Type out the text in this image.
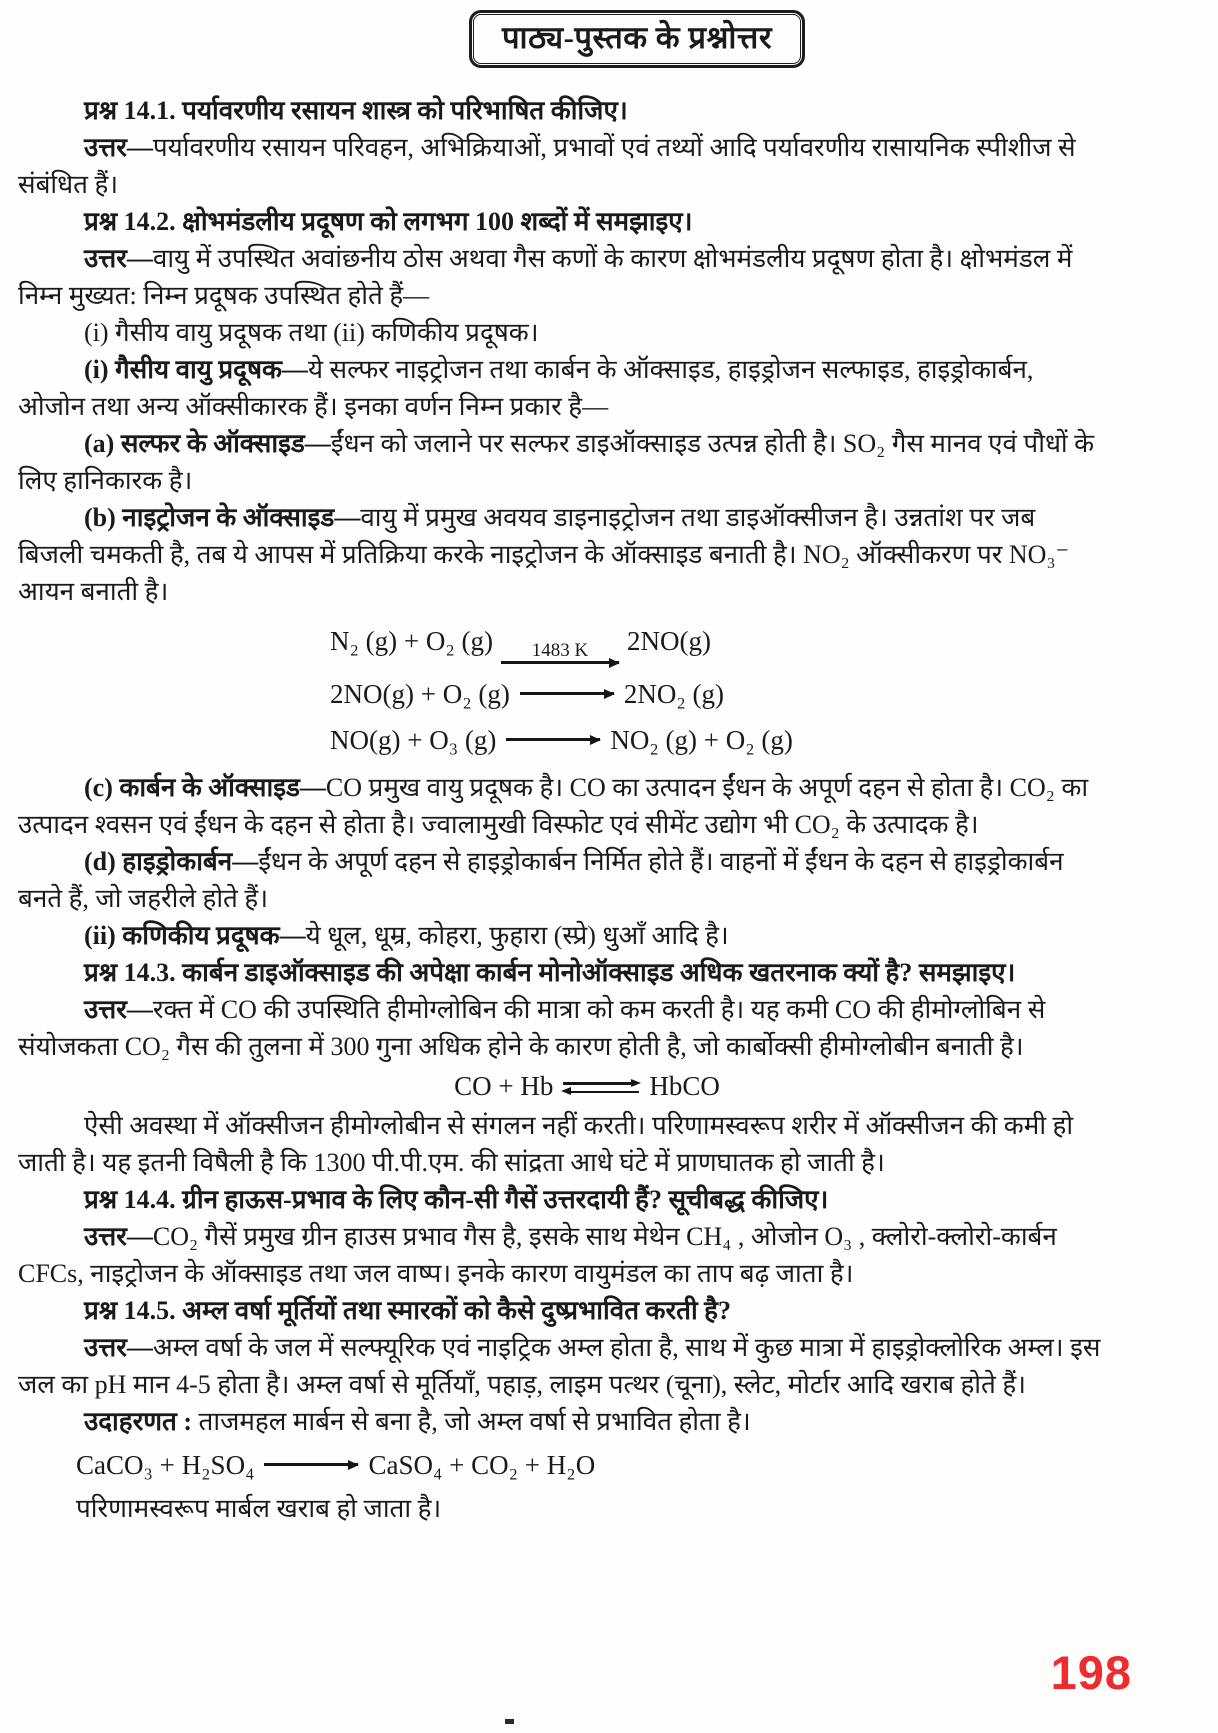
पाठ्य-पुस्तक के प्रश्नोत्तर

प्रश्न 14.1. पर्यावरणीय रसायन शास्त्र को परिभाषित कीजिए।

उत्तर—पर्यावरणीय रसायन परिवहन, अभिक्रियाओं, प्रभावों एवं तथ्यों आदि पर्यावरणीय रासायनिक स्पीशीज से संबंधित हैं।

प्रश्न 14.2. क्षोभमंडलीय प्रदूषण को लगभग 100 शब्दों में समझाइए।

उत्तर—वायु में उपस्थित अवांछनीय ठोस अथवा गैस कणों के कारण क्षोभमंडलीय प्रदूषण होता है। क्षोभमंडल में निम्न मुख्यत: निम्न प्रदूषक उपस्थित होते हैं—

(i) गैसीय वायु प्रदूषक तथा (ii) कणिकीय प्रदूषक।

(i) गैसीय वायु प्रदूषक—ये सल्फर नाइट्रोजन तथा कार्बन के ऑक्साइड, हाइड्रोजन सल्फाइड, हाइड्रोकार्बन, ओजोन तथा अन्य ऑक्सीकारक हैं। इनका वर्णन निम्न प्रकार है—

(a) सल्फर के ऑक्साइड—ईंधन को जलाने पर सल्फर डाइऑक्साइड उत्पन्न होती है। SO₂ गैस मानव एवं पौधों के लिए हानिकारक है।

(b) नाइट्रोजन के ऑक्साइड—वायु में प्रमुख अवयव डाइनाइट्रोजन तथा डाइऑक्सीजन है। उन्नतांश पर जब बिजली चमकती है, तब ये आपस में प्रतिक्रिया करके नाइट्रोजन के ऑक्साइड बनाती है। NO₂ ऑक्सीकरण पर NO₃⁻ आयन बनाती है।

N₂ (g) + O₂ (g) 1483 K 2NO(g)
2NO(g) + O₂ (g)	2NO₂ (g)
NO(g) + O₃ (g)	NO₂ (g) + O₂ (g)

(c) कार्बन के ऑक्साइड—CO प्रमुख वायु प्रदूषक है। CO का उत्पादन ईंधन के अपूर्ण दहन से होता है। CO₂ का उत्पादन श्वसन एवं ईंधन के दहन से होता है। ज्वालामुखी विस्फोट एवं सीमेंट उद्योग भी CO₂ के उत्पादक है।

(d) हाइड्रोकार्बन—ईंधन के अपूर्ण दहन से हाइड्रोकार्बन निर्मित होते हैं। वाहनों में ईंधन के दहन से हाइड्रोकार्बन बनते हैं, जो जहरीले होते हैं।

(ii) कणिकीय प्रदूषक—ये धूल, धूम्र, कोहरा, फुहारा (स्प्रे) धुआँ आदि है।

प्रश्न 14.3. कार्बन डाइऑक्साइड की अपेक्षा कार्बन मोनोऑक्साइड अधिक खतरनाक क्यों है? समझाइए।

उत्तर—रक्त में CO की उपस्थिति हीमोग्लोबिन की मात्रा को कम करती है। यह कमी CO की हीमोग्लोबिन से संयोजकता CO₂ गैस की तुलना में 300 गुना अधिक होने के कारण होती है, जो कार्बोक्सी हीमोग्लोबीन बनाती है।

CO + Hb ⇌ HbCO

ऐसी अवस्था में ऑक्सीजन हीमोग्लोबीन से संगलन नहीं करती। परिणामस्वरूप शरीर में ऑक्सीजन की कमी हो जाती है। यह इतनी विषैली है कि 1300 पी.पी.एम. की सांद्रता आधे घंटे में प्राणघातक हो जाती है।

प्रश्न 14.4. ग्रीन हाऊस-प्रभाव के लिए कौन-सी गैसें उत्तरदायी हैं? सूचीबद्ध कीजिए।

उत्तर—CO₂ गैसें प्रमुख ग्रीन हाउस प्रभाव गैस है, इसके साथ मेथेन CH₄ , ओजोन O₃ , क्लोरो-क्लोरो-कार्बन CFCs, नाइट्रोजन के ऑक्साइड तथा जल वाष्प। इनके कारण वायुमंडल का ताप बढ़ जाता है।

प्रश्न 14.5. अम्ल वर्षा मूर्तियों तथा स्मारकों को कैसे दुष्प्रभावित करती है?

उत्तर—अम्ल वर्षा के जल में सल्फ्यूरिक एवं नाइट्रिक अम्ल होता है, साथ में कुछ मात्रा में हाइड्रोक्लोरिक अम्ल। इस जल का pH मान 4-5 होता है। अम्ल वर्षा से मूर्तियाँ, पहाड़, लाइम पत्थर (चूना), स्लेट, मोर्टार आदि खराब होते हैं।

उदाहरणत : ताजमहल मार्बन से बना है, जो अम्ल वर्षा से प्रभावित होता है।

CaCO₃ + H₂SO₄	CaSO₄ + CO₂ + H₂O

परिणामस्वरूप मार्बल खराब हो जाता है।

198
